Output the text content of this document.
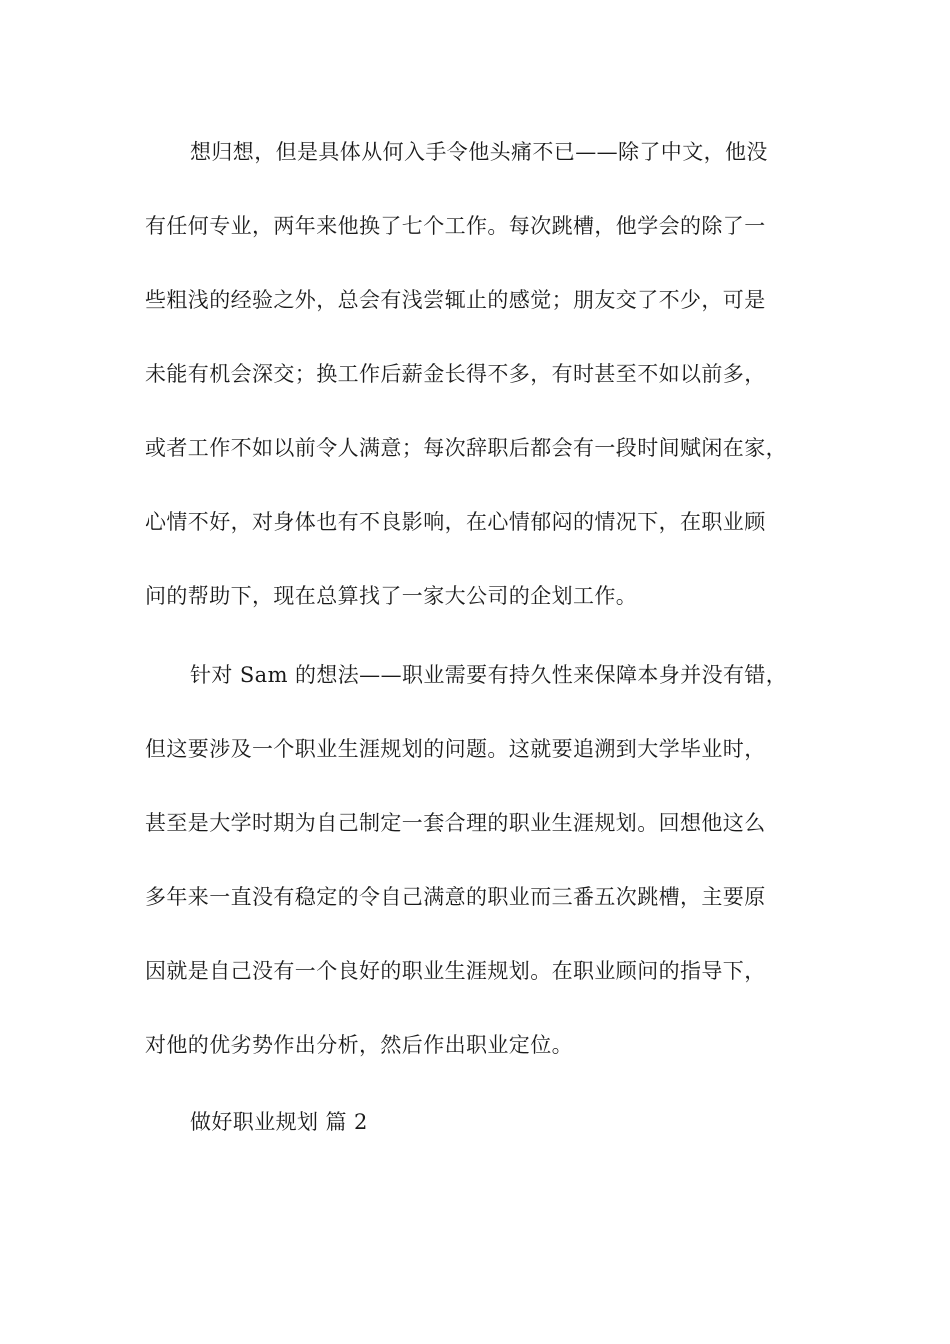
想归想，但是具体从何入手令他头痛不已——除了中文，他没
有任何专业，两年来他换了七个工作。每次跳槽，他学会的除了一
些粗浅的经验之外，总会有浅尝辄止的感觉；朋友交了不少，可是
未能有机会深交；换工作后薪金长得不多，有时甚至不如以前多，
或者工作不如以前令人满意；每次辞职后都会有一段时间赋闲在家，
心情不好，对身体也有不良影响，在心情郁闷的情况下，在职业顾
问的帮助下，现在总算找了一家大公司的企划工作。
针对 Sam 的想法——职业需要有持久性来保障本身并没有错，
但这要涉及一个职业生涯规划的问题。这就要追溯到大学毕业时，
甚至是大学时期为自己制定一套合理的职业生涯规划。回想他这么
多年来一直没有稳定的令自己满意的职业而三番五次跳槽，主要原
因就是自己没有一个良好的职业生涯规划。在职业顾问的指导下，
对他的优劣势作出分析，然后作出职业定位。
做好职业规划 篇 2
